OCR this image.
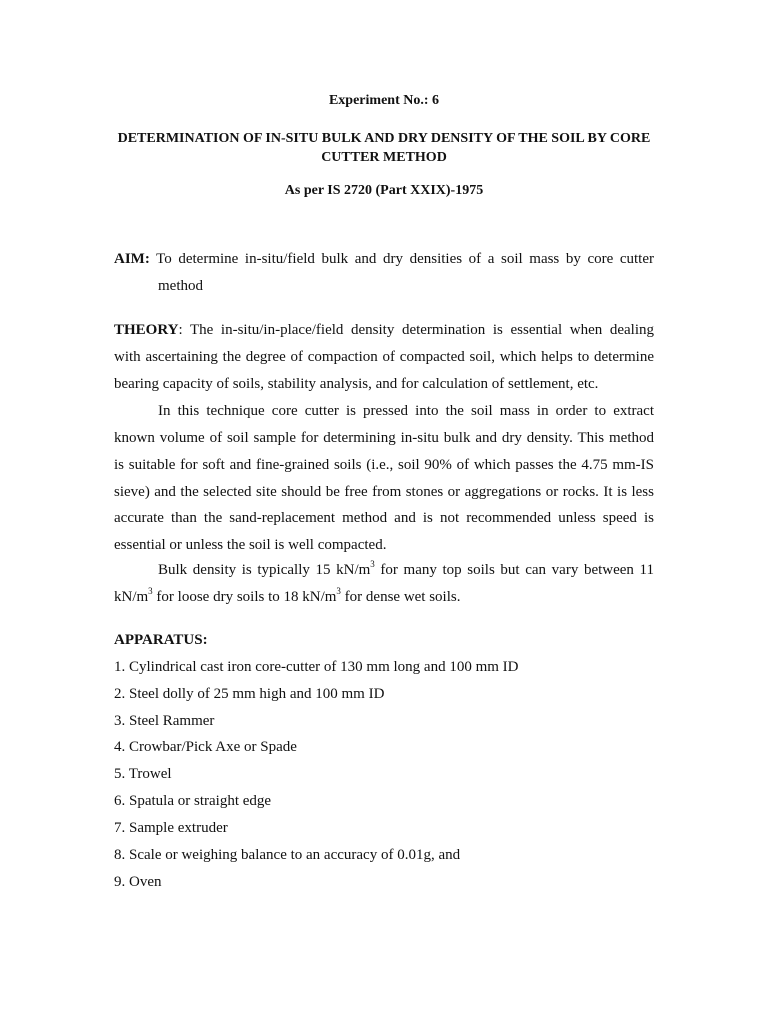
Experiment No.: 6
DETERMINATION OF IN-SITU BULK AND DRY DENSITY OF THE SOIL BY CORE
CUTTER METHOD
As per IS 2720 (Part XXIX)-1975
AIM: To determine in-situ/field bulk and dry densities of a soil mass by core cutter
method
THEORY: The in-situ/in-place/field density determination is essential when dealing
with ascertaining the degree of compaction of compacted soil, which helps to determine
bearing capacity of soils, stability analysis, and for calculation of settlement, etc.
In this technique core cutter is pressed into the soil mass in order to extract
known volume of soil sample for determining in-situ bulk and dry density. This method
is suitable for soft and fine-grained soils (i.e., soil 90% of which passes the 4.75 mm-IS
sieve) and the selected site should be free from stones or aggregations or rocks. It is less
accurate than the sand-replacement method and is not recommended unless speed is
essential or unless the soil is well compacted.
Bulk density is typically 15 $kN/m^3$ for many top soils but can vary between 11
$kN/m^3$ for loose dry soils to 18 $kN/m^3$ for dense wet soils.
APPARATUS:
1. Cylindrical cast iron core-cutter of 130 mm long and 100 mm ID
2. Steel dolly of 25 mm high and 100 mm ID
3. Steel Rammer
4. Crowbar/Pick Axe or Spade
5. Trowel
6. Spatula or straight edge
7. Sample extruder
8. Scale or weighing balance to an accuracy of 0.01g, and
9. Oven
